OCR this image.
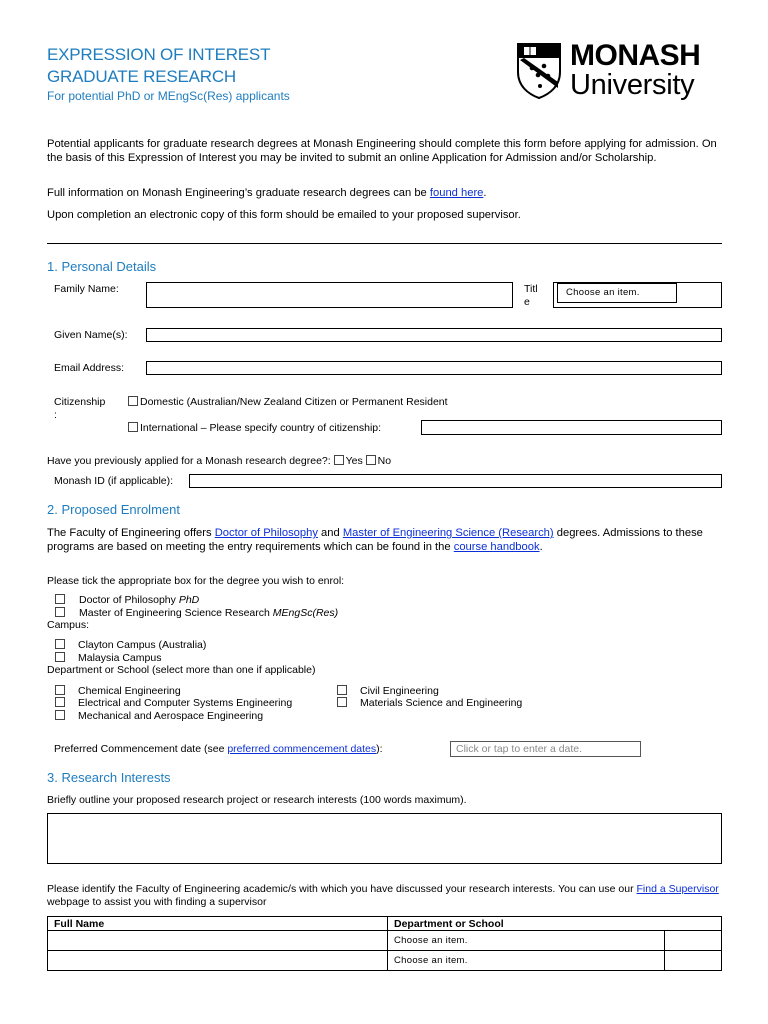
EXPRESSION OF INTEREST
GRADUATE RESEARCH
For potential PhD or MEngSc(Res) applicants
MONASH
University
Potential applicants for graduate research degrees at Monash Engineering should complete this form before applying for admission. On the basis of this Expression of Interest you may be invited to submit an online Application for Admission and/or Scholarship.
Full information on Monash Engineering’s graduate research degrees can be found here.
Upon completion an electronic copy of this form should be emailed to your proposed supervisor.
1. Personal Details
Family Name:	Titl
e
Choose an item.
Given Name(s):
Email Address:
Citizenship
:
Domestic (Australian/New Zealand Citizen or Permanent Resident
International – Please specify country of citizenship:
Have you previously applied for a Monash research degree?: Yes No
Monash ID (if applicable):
2. Proposed Enrolment
The Faculty of Engineering offers Doctor of Philosophy and Master of Engineering Science (Research) degrees. Admissions to these programs are based on meeting the entry requirements which can be found in the course handbook.
Please tick the appropriate box for the degree you wish to enrol:
Doctor of Philosophy PhD
Master of Engineering Science Research MEngSc(Res)
Campus:
Clayton Campus (Australia)
Malaysia Campus
Department or School (select more than one if applicable)
Chemical Engineering
Electrical and Computer Systems Engineering
Mechanical and Aerospace Engineering
Civil Engineering
Materials Science and Engineering
Preferred Commencement date (see preferred commencement dates):	Click or tap to enter a date.
3. Research Interests
Briefly outline your proposed research project or research interests (100 words maximum).
Please identify the Faculty of Engineering academic/s with which you have discussed your research interests. You can use our Find a Supervisor webpage to assist you with finding a supervisor
Full Name	Department or School	
	Choose an item.	
	Choose an item.	
